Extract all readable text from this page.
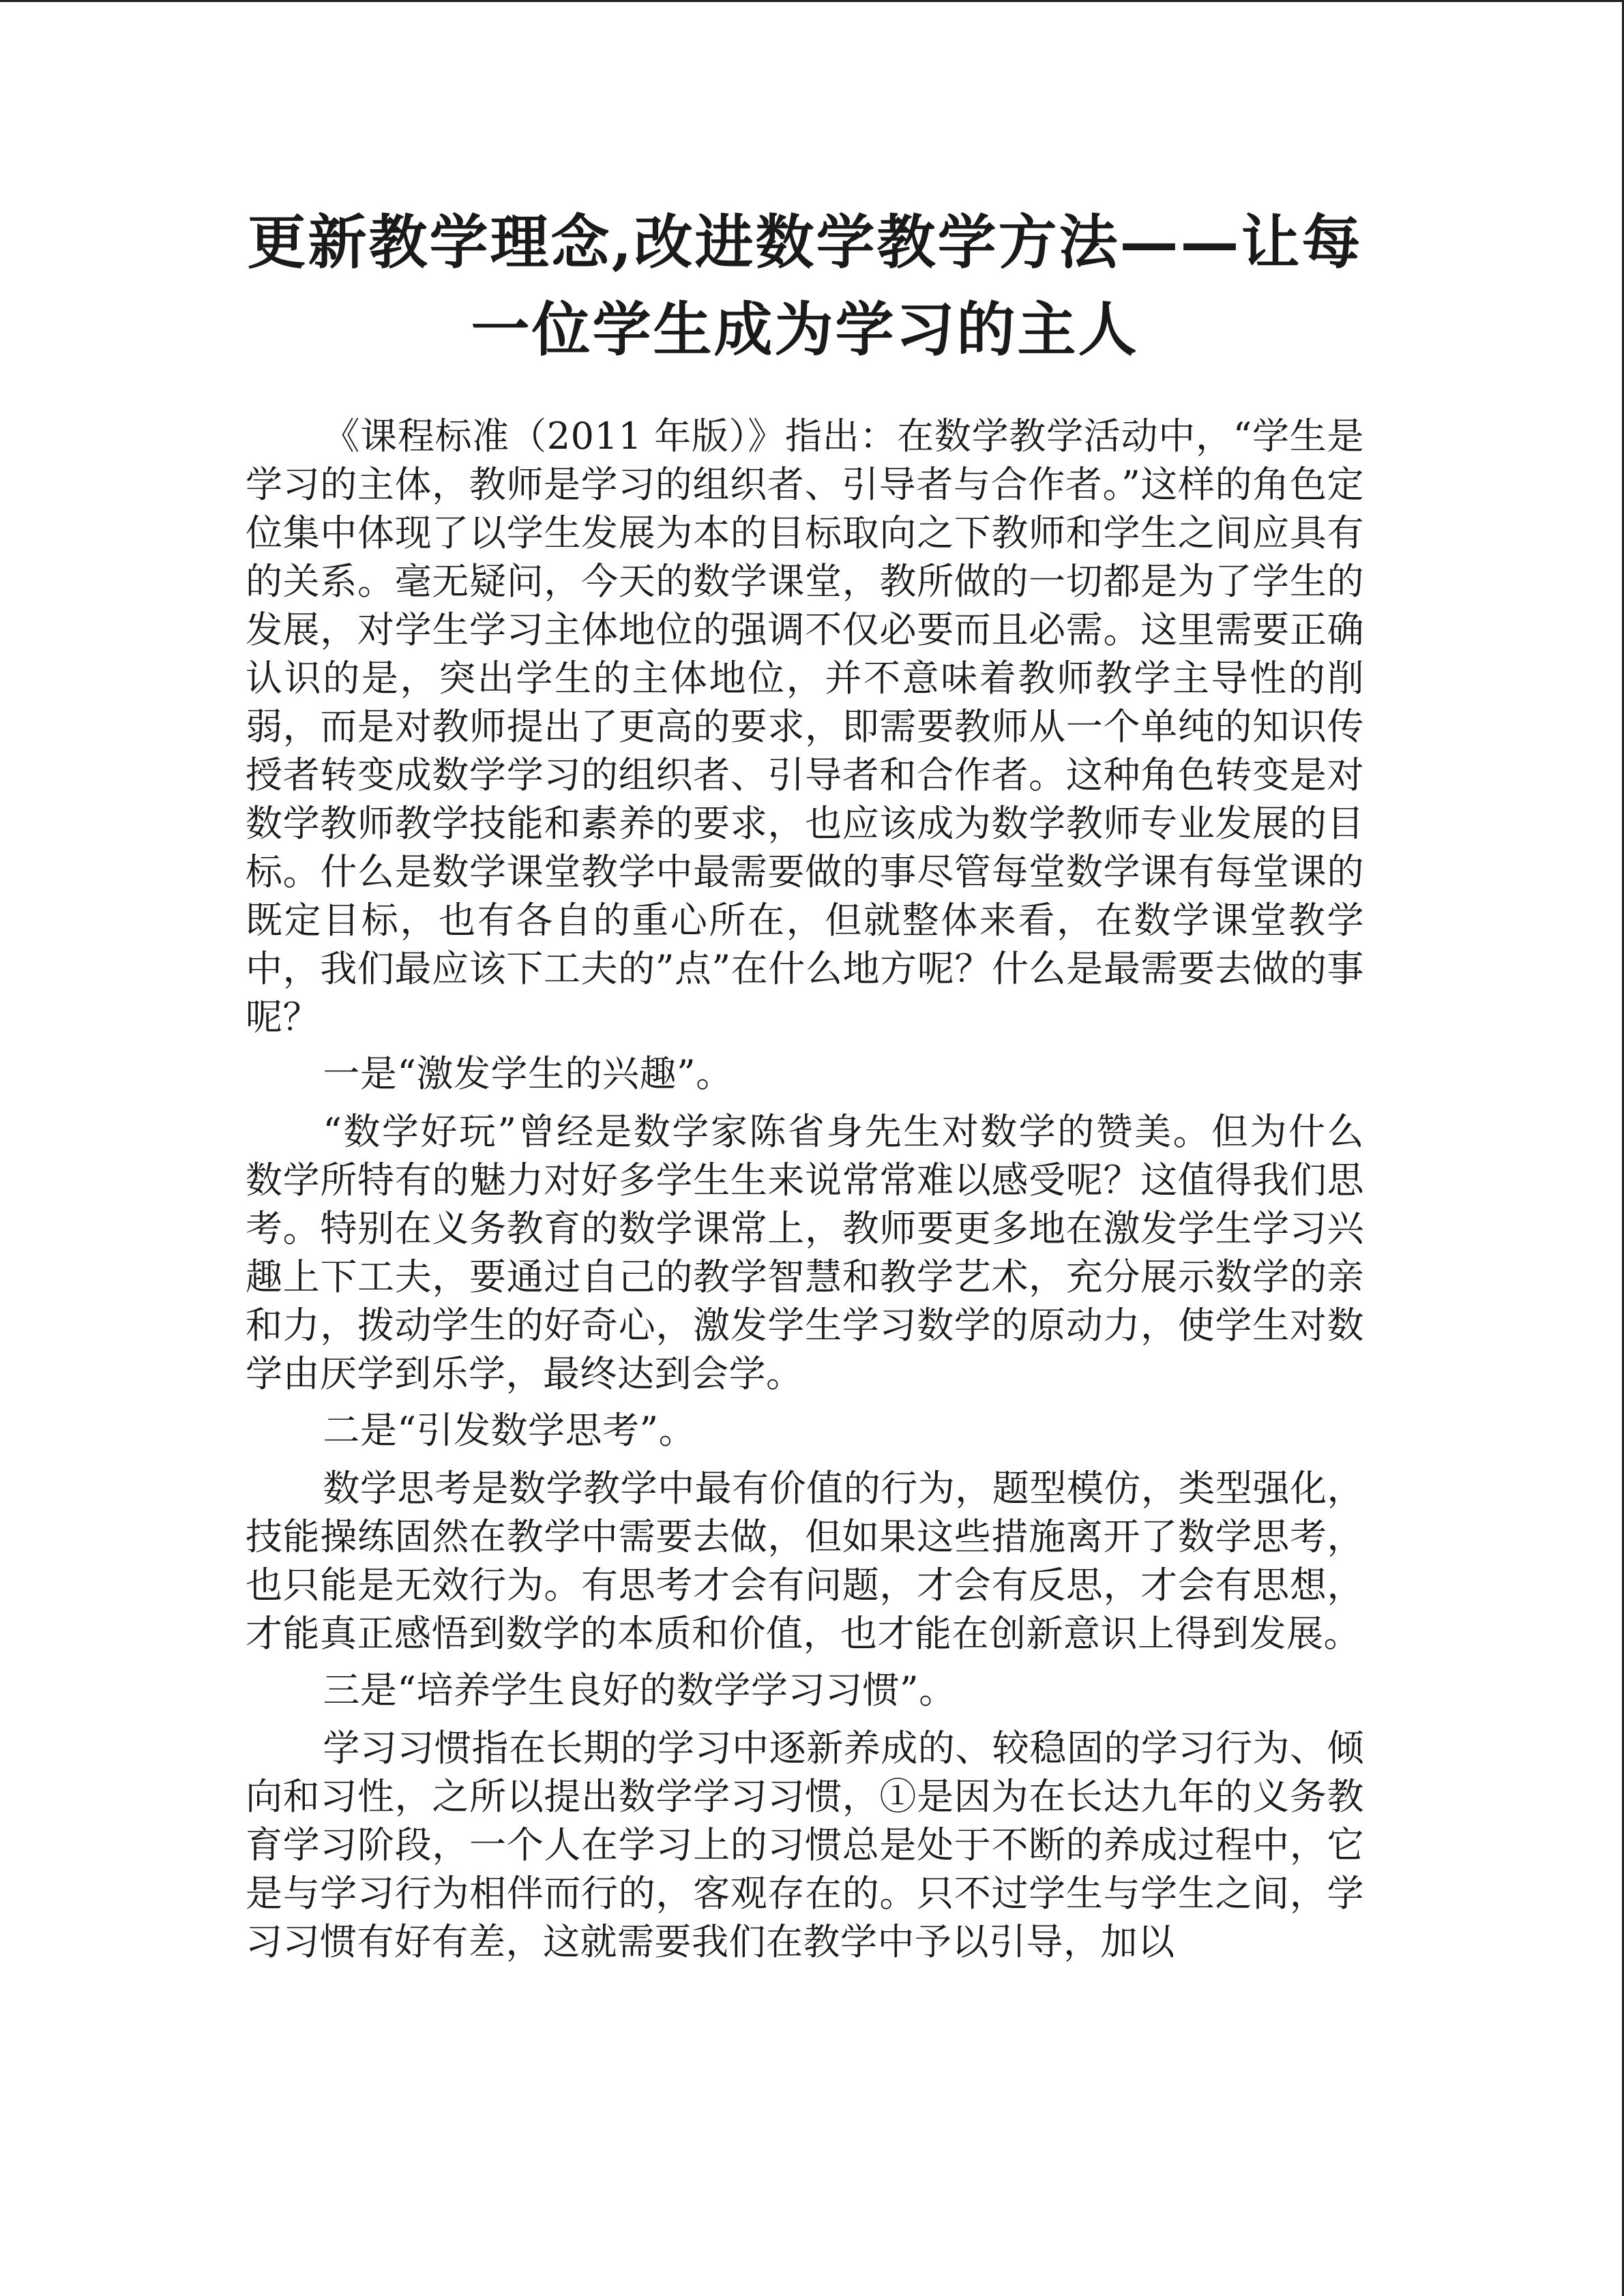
更新教学理念,改进数学教学方法——让每
一位学生成为学习的主人

《课程标准（2011 年版）》指出：在数学教学活动中，“学生是学习的主体，教师是学习的组织者、引导者与合作者。”这样的角色定位集中体现了以学生发展为本的目标取向之下教师和学生之间应具有的关系。毫无疑问，今天的数学课堂，教所做的一切都是为了学生的发展，对学生学习主体地位的强调不仅必要而且必需。这里需要正确认识的是，突出学生的主体地位，并不意味着教师教学主导性的削弱，而是对教师提出了更高的要求，即需要教师从一个单纯的知识传授者转变成数学学习的组织者、引导者和合作者。这种角色转变是对数学教师教学技能和素养的要求，也应该成为数学教师专业发展的目标。什么是数学课堂教学中最需要做的事尽管每堂数学课有每堂课的既定目标，也有各自的重心所在，但就整体来看，在数学课堂教学中，我们最应该下工夫的”点”在什么地方呢？什么是最需要去做的事呢？

一是“激发学生的兴趣”。

“数学好玩”曾经是数学家陈省身先生对数学的赞美。但为什么数学所特有的魅力对好多学生生来说常常难以感受呢？这值得我们思考。特别在义务教育的数学课常上，教师要更多地在激发学生学习兴趣上下工夫，要通过自己的教学智慧和教学艺术，充分展示数学的亲和力，拨动学生的好奇心，激发学生学习数学的原动力，使学生对数学由厌学到乐学，最终达到会学。

二是“引发数学思考”。

数学思考是数学教学中最有价值的行为，题型模仿，类型强化，技能操练固然在教学中需要去做，但如果这些措施离开了数学思考，也只能是无效行为。有思考才会有问题，才会有反思，才会有思想，才能真正感悟到数学的本质和价值，也才能在创新意识上得到发展。

三是“培养学生良好的数学学习习惯”。

学习习惯指在长期的学习中逐新养成的、较稳固的学习行为、倾向和习性，之所以提出数学学习习惯，①是因为在长达九年的义务教育学习阶段，一个人在学习上的习惯总是处于不断的养成过程中，它是与学习行为相伴而行的，客观存在的。只不过学生与学生之间，学习习惯有好有差，这就需要我们在教学中予以引导，加以
